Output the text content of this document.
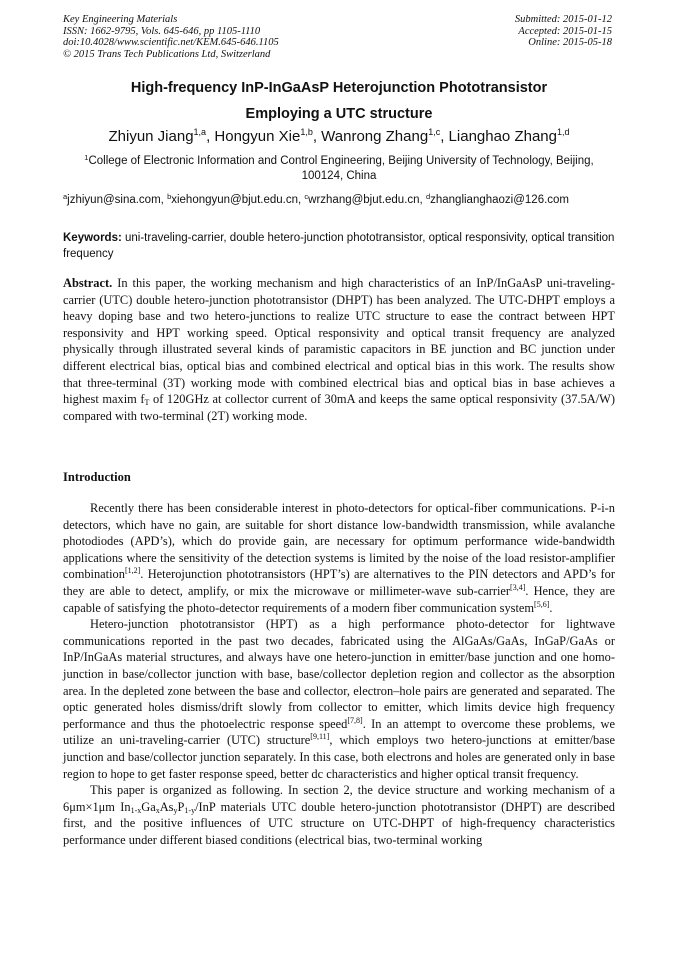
Key Engineering Materials
ISSN: 1662-9795, Vols. 645-646, pp 1105-1110
doi:10.4028/www.scientific.net/KEM.645-646.1105
© 2015 Trans Tech Publications Ltd, Switzerland
Submitted: 2015-01-12
Accepted: 2015-01-15
Online: 2015-05-18
High-frequency InP-InGaAsP Heterojunction Phototransistor
Employing a UTC structure
Zhiyun Jiang$^{1,a}$, Hongyun Xie$^{1,b}$, Wanrong Zhang$^{1,c}$, Lianghao Zhang$^{1,d}$
$^1$College of Electronic Information and Control Engineering, Beijing University of Technology, Beijing, 100124, China
$^a$jzhiyun@sina.com, $^b$xiehongyun@bjut.edu.cn, $^c$wrzhang@bjut.edu.cn, $^d$zhanglianghaozi@126.com
Keywords: uni-traveling-carrier, double hetero-junction phototransistor, optical responsivity, optical transition frequency
Abstract. In this paper, the working mechanism and high characteristics of an InP/InGaAsP uni-traveling-carrier (UTC) double hetero-junction phototransistor (DHPT) has been analyzed. The UTC-DHPT employs a heavy doping base and two hetero-junctions to realize UTC structure to ease the contract between HPT responsivity and HPT working speed. Optical responsivity and optical transit frequency are analyzed physically through illustrated several kinds of paramistic capacitors in BE junction and BC junction under different electrical bias, optical bias and combined electrical and optical bias in this work. The results show that three-terminal (3T) working mode with combined electrical bias and optical bias in base achieves a highest maxim $f_T$ of 120GHz at collector current of 30mA and keeps the same optical responsivity (37.5A/W) compared with two-terminal (2T) working mode.
Introduction

Recently there has been considerable interest in photo-detectors for optical-fiber communications. P-i-n detectors, which have no gain, are suitable for short distance low-bandwidth transmission, while avalanche photodiodes (APD’s), which do provide gain, are necessary for optimum performance wide-bandwidth applications where the sensitivity of the detection systems is limited by the noise of the load resistor-amplifier combination[1,2]. Heterojunction phototransistors (HPT’s) are alternatives to the PIN detectors and APD’s for they are able to detect, amplify, or mix the microwave or millimeter-wave sub-carrier[3,4]. Hence, they are capable of satisfying the photo-detector requirements of a modern fiber communication system[5,6].

Hetero-junction phototransistor (HPT) as a high performance photo-detector for lightwave communications reported in the past two decades, fabricated using the AlGaAs/GaAs, InGaP/GaAs or InP/InGaAs material structures, and always have one hetero-junction in emitter/base junction and one homo-junction in base/collector junction with base, base/collector depletion region and collector as the absorption area. In the depleted zone between the base and collector, electron–hole pairs are generated and separated. The optic generated holes dismiss/drift slowly from collector to emitter, which limits device high frequency performance and thus the photoelectric response speed[7,8]. In an attempt to overcome these problems, we utilize an uni-traveling-carrier (UTC) structure[9,11], which employs two hetero-junctions at emitter/base junction and base/collector junction separately. In this case, both electrons and holes are generated only in base region to hope to get faster response speed, better dc characteristics and higher optical transit frequency.

This paper is organized as following. In section 2, the device structure and working mechanism of a 6μm×1μm $In_{1-x}Ga_xAs_yP_{1-y}$/InP materials UTC double hetero-junction phototransistor (DHPT) are described first, and the positive influences of UTC structure on UTC-DHPT of high-frequency characteristics performance under different biased conditions (electrical bias, two-terminal working
